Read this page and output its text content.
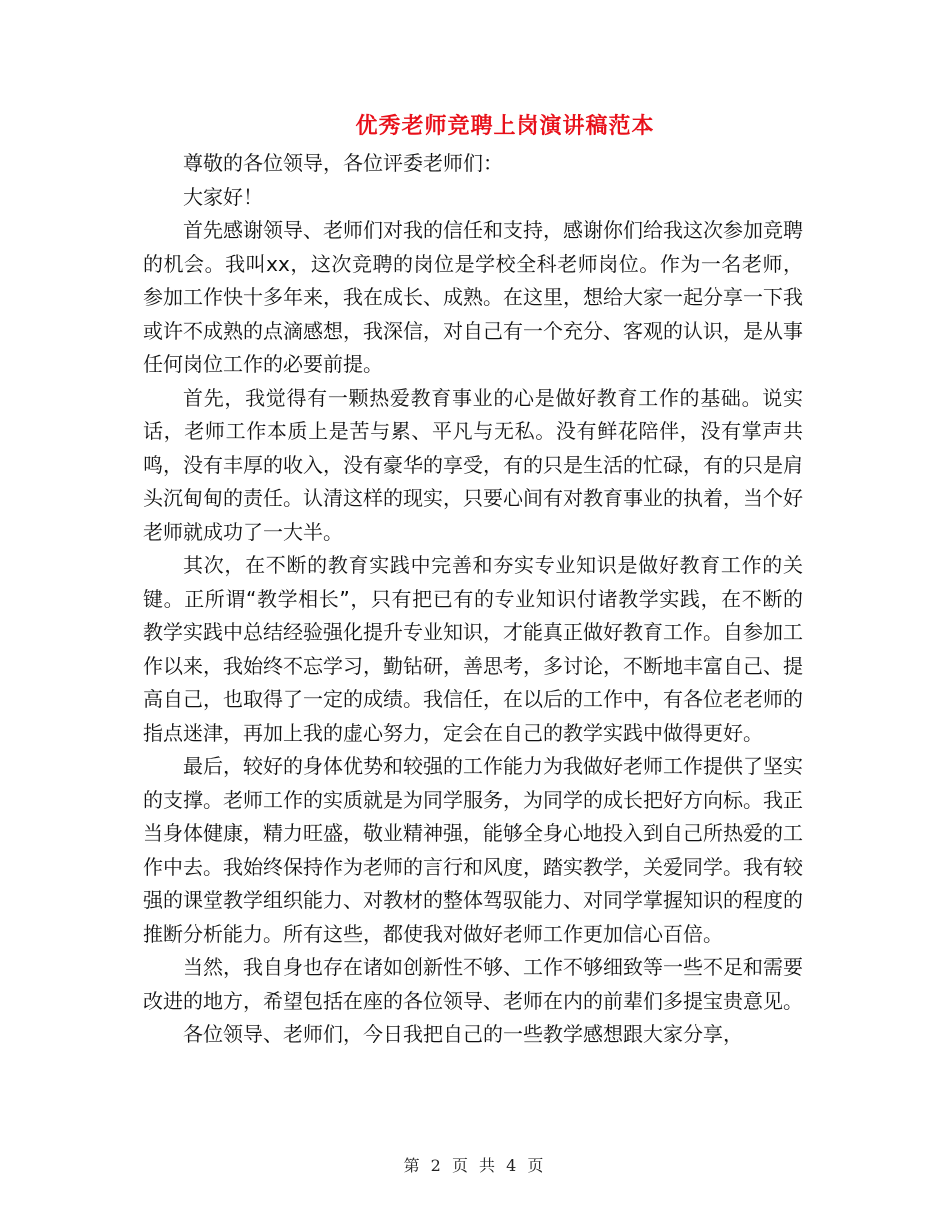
优秀老师竞聘上岗演讲稿范本

尊敬的各位领导，各位评委老师们：

大家好！

首先感谢领导、老师们对我的信任和支持，感谢你们给我这次参加竞聘的机会。我叫xx，这次竞聘的岗位是学校全科老师岗位。作为一名老师，参加工作快十多年来，我在成长、成熟。在这里，想给大家一起分享一下我或许不成熟的点滴感想，我深信，对自己有一个充分、客观的认识，是从事任何岗位工作的必要前提。

首先，我觉得有一颗热爱教育事业的心是做好教育工作的基础。说实话，老师工作本质上是苦与累、平凡与无私。没有鲜花陪伴，没有掌声共鸣，没有丰厚的收入，没有豪华的享受，有的只是生活的忙碌，有的只是肩头沉甸甸的责任。认清这样的现实，只要心间有对教育事业的执着，当个好老师就成功了一大半。

其次，在不断的教育实践中完善和夯实专业知识是做好教育工作的关键。正所谓“教学相长”，只有把已有的专业知识付诸教学实践，在不断的教学实践中总结经验强化提升专业知识，才能真正做好教育工作。自参加工作以来，我始终不忘学习，勤钻研，善思考，多讨论，不断地丰富自己、提高自己，也取得了一定的成绩。我信任，在以后的工作中，有各位老老师的指点迷津，再加上我的虚心努力，定会在自己的教学实践中做得更好。

最后，较好的身体优势和较强的工作能力为我做好老师工作提供了坚实的支撑。老师工作的实质就是为同学服务，为同学的成长把好方向标。我正当身体健康，精力旺盛，敬业精神强，能够全身心地投入到自己所热爱的工作中去。我始终保持作为老师的言行和风度，踏实教学，关爱同学。我有较强的课堂教学组织能力、对教材的整体驾驭能力、对同学掌握知识的程度的推断分析能力。所有这些，都使我对做好老师工作更加信心百倍。

当然，我自身也存在诸如创新性不够、工作不够细致等一些不足和需要改进的地方，希望包括在座的各位领导、老师在内的前辈们多提宝贵意见。

各位领导、老师们，今日我把自己的一些教学感想跟大家分享，

第 2 页 共 4 页
